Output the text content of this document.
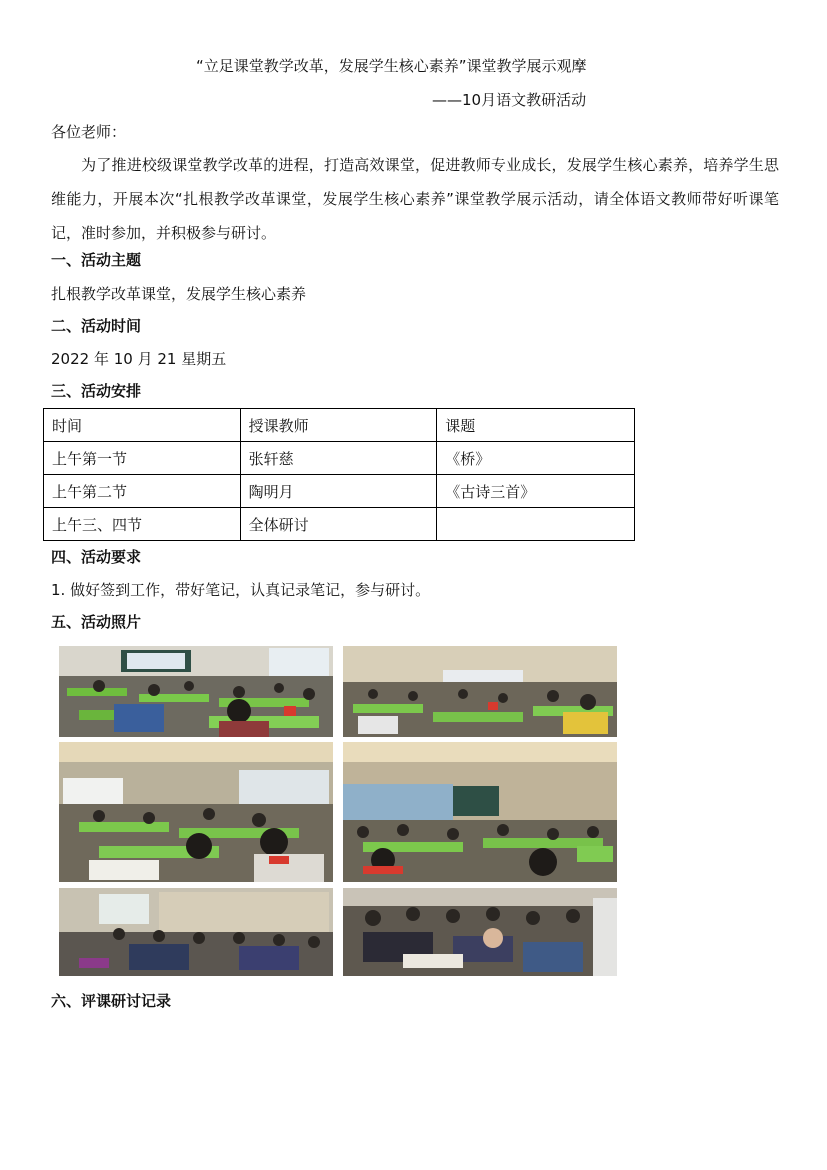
“立足课堂教学改革，发展学生核心素养”课堂教学展示观摩
——10月语文教研活动
各位老师：
为了推进校级课堂教学改革的进程，打造高效课堂，促进教师专业成长，发展学生核心素养，培养学生思维能力，开展本次“扎根教学改革课堂，发展学生核心素养”课堂教学展示活动，请全体语文教师带好听课笔记，准时参加，并积极参与研讨。
一、活动主题
扎根教学改革课堂，发展学生核心素养
二、活动时间
2022 年 10 月 21 星期五
三、活动安排
时间	授课教师	课题
上午第一节	张轩慈	《桥》
上午第二节	陶明月	《古诗三首》
上午三、四节	全体研讨	
四、活动要求
1. 做好签到工作，带好笔记，认真记录笔记，参与研讨。
五、活动照片
六、评课研讨记录
